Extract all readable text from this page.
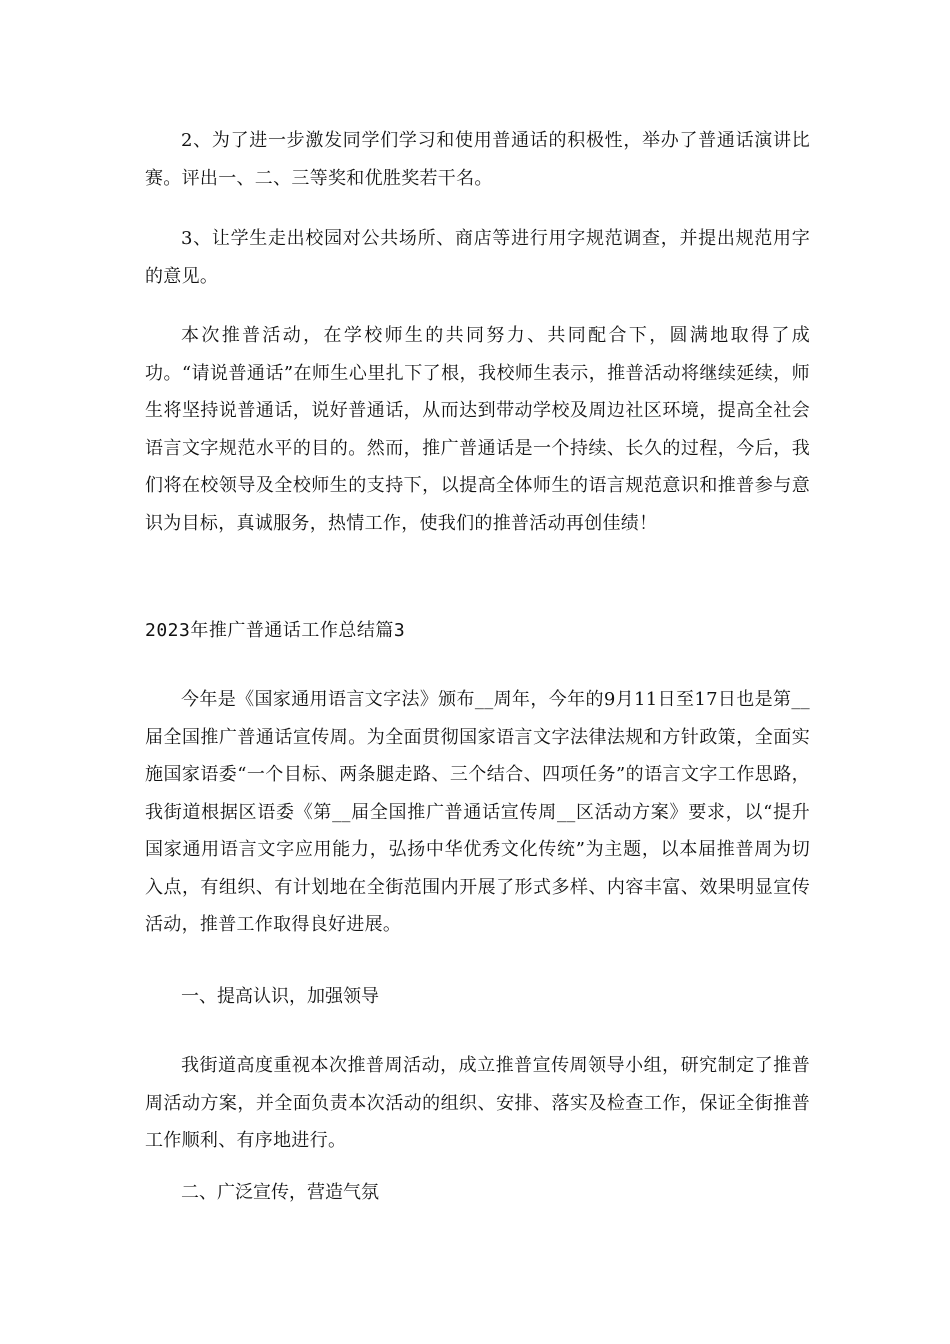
2、为了进一步激发同学们学习和使用普通话的积极性，举办了普通话演讲比赛。评出一、二、三等奖和优胜奖若干名。

3、让学生走出校园对公共场所、商店等进行用字规范调查，并提出规范用字的意见。

本次推普活动，在学校师生的共同努力、共同配合下，圆满地取得了成功。“请说普通话”在师生心里扎下了根，我校师生表示，推普活动将继续延续，师生将坚持说普通话，说好普通话，从而达到带动学校及周边社区环境，提高全社会语言文字规范水平的目的。然而，推广普通话是一个持续、长久的过程，今后，我们将在校领导及全校师生的支持下，以提高全体师生的语言规范意识和推普参与意识为目标，真诚服务，热情工作，使我们的推普活动再创佳绩！

2023年推广普通话工作总结篇3

今年是《国家通用语言文字法》颁布__周年，今年的9月11日至17日也是第__届全国推广普通话宣传周。为全面贯彻国家语言文字法律法规和方针政策，全面实施国家语委“一个目标、两条腿走路、三个结合、四项任务”的语言文字工作思路，我街道根据区语委《第__届全国推广普通话宣传周__区活动方案》要求，以“提升国家通用语言文字应用能力，弘扬中华优秀文化传统”为主题，以本届推普周为切入点，有组织、有计划地在全街范围内开展了形式多样、内容丰富、效果明显宣传活动，推普工作取得良好进展。

一、提高认识，加强领导

我街道高度重视本次推普周活动，成立推普宣传周领导小组，研究制定了推普周活动方案，并全面负责本次活动的组织、安排、落实及检查工作，保证全街推普工作顺利、有序地进行。

二、广泛宣传，营造气氛
